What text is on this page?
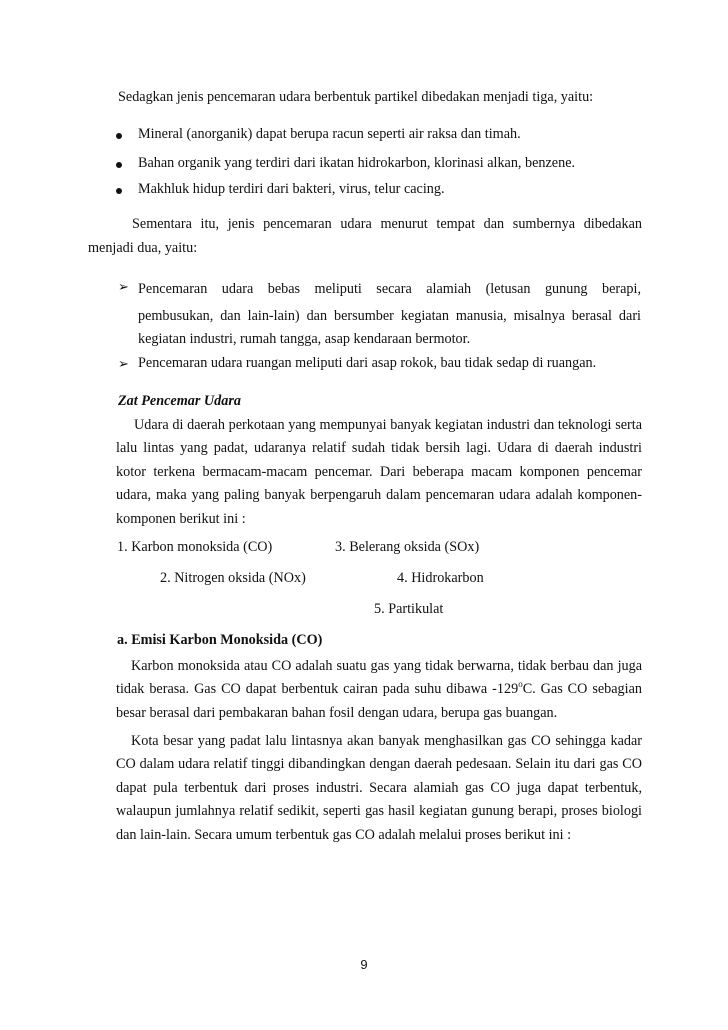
Sedagkan jenis pencemaran udara berbentuk partikel dibedakan menjadi tiga, yaitu:
Mineral (anorganik) dapat berupa racun seperti air raksa dan timah.
Bahan organik yang terdiri dari ikatan hidrokarbon, klorinasi alkan, benzene.
Makhluk hidup terdiri dari bakteri, virus, telur cacing.
Sementara itu, jenis pencemaran udara menurut tempat dan sumbernya dibedakan
menjadi dua, yaitu:
➢ Pencemaran udara bebas meliputi secara alamiah (letusan gunung berapi,
pembusukan, dan lain-lain) dan bersumber kegiatan manusia, misalnya berasal dari
kegiatan industri, rumah tangga, asap kendaraan bermotor.
➢ Pencemaran udara ruangan meliputi dari asap rokok, bau tidak sedap di ruangan.
Zat Pencemar Udara

Udara di daerah perkotaan yang mempunyai banyak kegiatan industri dan teknologi serta lalu lintas yang padat, udaranya relatif sudah tidak bersih lagi. Udara di daerah industri kotor terkena bermacam-macam pencemar. Dari beberapa macam komponen pencemar udara, maka yang paling banyak berpengaruh dalam pencemaran udara adalah komponen-komponen berikut ini :

1. Karbon monoksida (CO)	3. Belerang oksida (SOx)
2. Nitrogen oksida (NOx)	4. Hidrokarbon
5. Partikulat
a. Emisi Karbon Monoksida (CO)

Karbon monoksida atau CO adalah suatu gas yang tidak berwarna, tidak berbau dan juga tidak berasa. Gas CO dapat berbentuk cairan pada suhu dibawa -129$^o$C. Gas CO sebagian besar berasal dari pembakaran bahan fosil dengan udara, berupa gas buangan.

Kota besar yang padat lalu lintasnya akan banyak menghasilkan gas CO sehingga kadar CO dalam udara relatif tinggi dibandingkan dengan daerah pedesaan. Selain itu dari gas CO dapat pula terbentuk dari proses industri. Secara alamiah gas CO juga dapat terbentuk, walaupun jumlahnya relatif sedikit, seperti gas hasil kegiatan gunung berapi, proses biologi dan lain-lain. Secara umum terbentuk gas CO adalah melalui proses berikut ini :

9
